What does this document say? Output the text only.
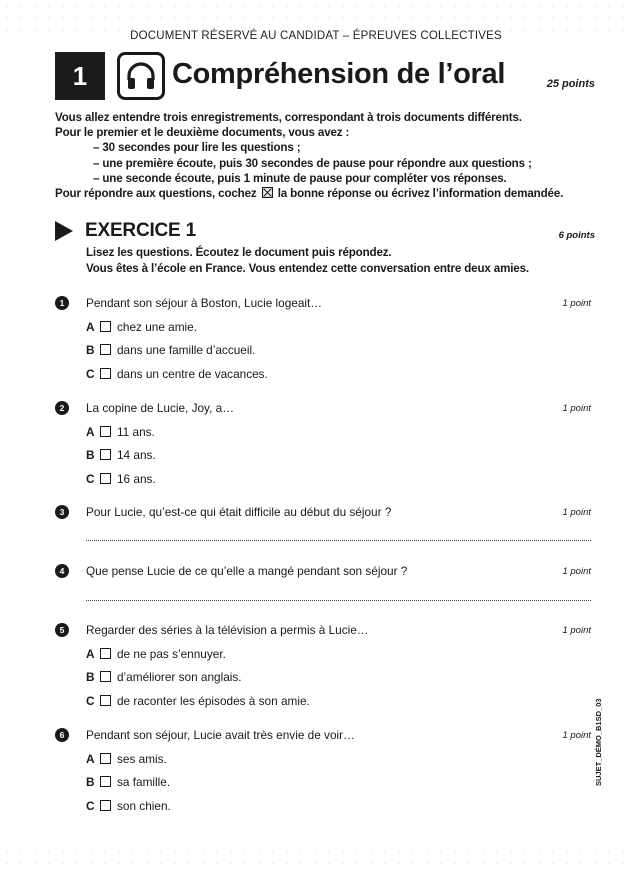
DOCUMENT RÉSERVÉ AU CANDIDAT – ÉPREUVES COLLECTIVES
1	Compréhension de l’oral	25 points
Vous allez entendre trois enregistrements, correspondant à trois documents différents.
Pour le premier et le deuxième documents, vous avez :
– 30 secondes pour lire les questions ;
– une première écoute, puis 30 secondes de pause pour répondre aux questions ;
– une seconde écoute, puis 1 minute de pause pour compléter vos réponses.
Pour répondre aux questions, cochez la bonne réponse ou écrivez l’information demandée.
EXERCICE 1	6 points
Lisez les questions. Écoutez le document puis répondez.
Vous êtes à l’école en France. Vous entendez cette conversation entre deux amies.
1	Pendant son séjour à Boston, Lucie logeait…	1 point
A chez une amie.
B dans une famille d’accueil.
C dans un centre de vacances.
2	La copine de Lucie, Joy, a…	1 point
A 11 ans.
B 14 ans.
C 16 ans.
3	Pour Lucie, qu’est-ce qui était difficile au début du séjour ?	1 point
4	Que pense Lucie de ce qu’elle a mangé pendant son séjour ?	1 point
5	Regarder des séries à la télévision a permis à Lucie…	1 point
A de ne pas s’ennuyer.
B d’améliorer son anglais.
C de raconter les épisodes à son amie.
6	Pendant son séjour, Lucie avait très envie de voir…	1 point
A ses amis.
B sa famille.
C son chien.
SUJET_DÉMO_B1SD_03
